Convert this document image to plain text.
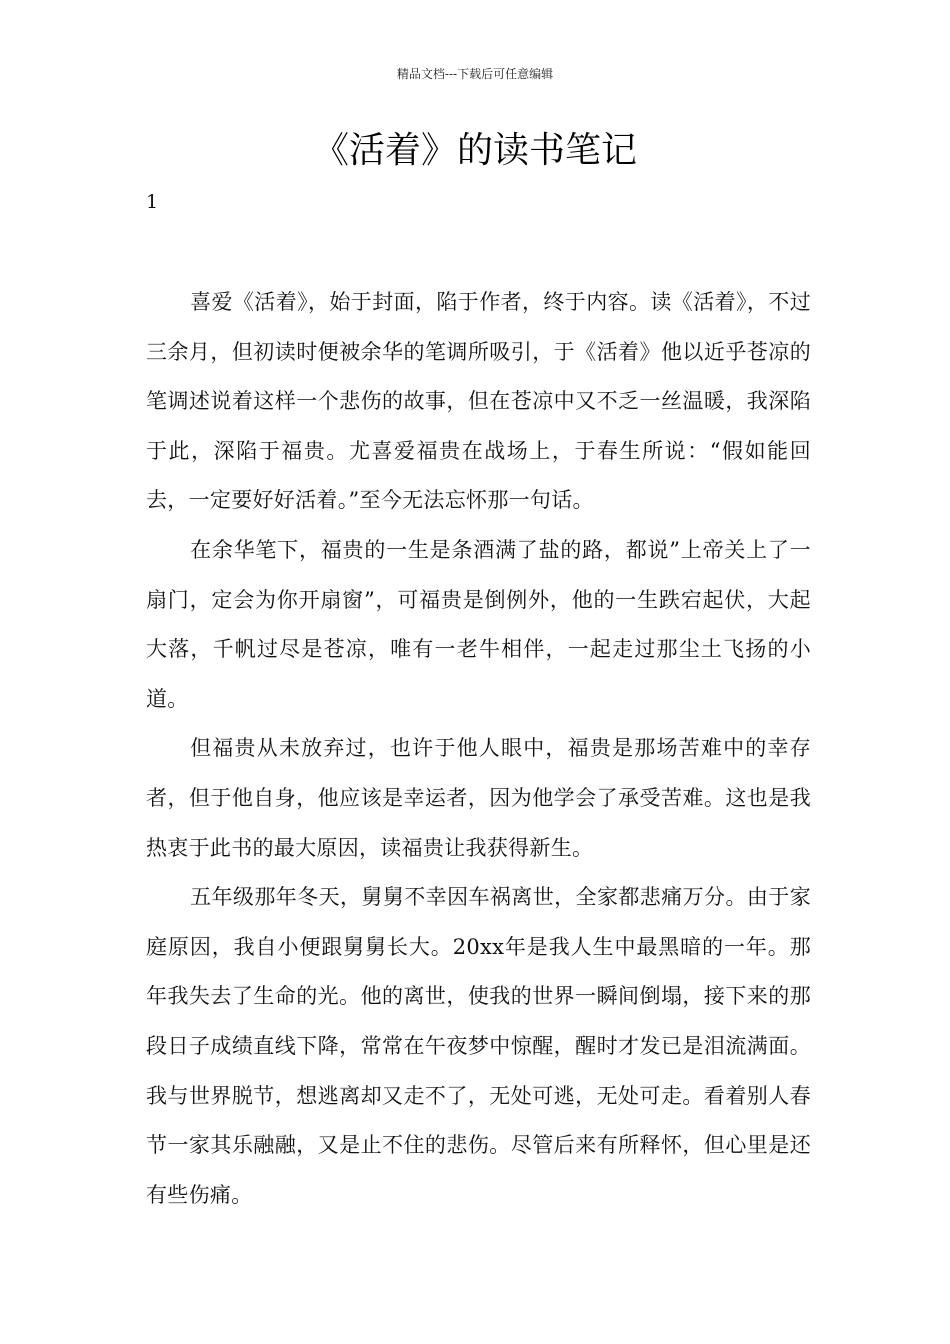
精品文档---下载后可任意编辑
《活着》的读书笔记
1

喜爱《活着》，始于封面，陷于作者，终于内容。读《活着》，不过三余月，但初读时便被余华的笔调所吸引，于《活着》他以近乎苍凉的笔调述说着这样一个悲伤的故事，但在苍凉中又不乏一丝温暖，我深陷于此，深陷于福贵。尤喜爱福贵在战场上，于春生所说：“假如能回去，一定要好好活着。”至今无法忘怀那一句话。

在余华笔下，福贵的一生是条酒满了盐的路，都说”上帝关上了一扇门，定会为你开扇窗”，可福贵是倒例外，他的一生跌宕起伏，大起大落，千帆过尽是苍凉，唯有一老牛相伴，一起走过那尘土飞扬的小道。

但福贵从未放弃过，也许于他人眼中，福贵是那场苦难中的幸存者，但于他自身，他应该是幸运者，因为他学会了承受苦难。这也是我热衷于此书的最大原因，读福贵让我获得新生。

五年级那年冬天，舅舅不幸因车祸离世，全家都悲痛万分。由于家庭原因，我自小便跟舅舅长大。20xx年是我人生中最黑暗的一年。那年我失去了生命的光。他的离世，使我的世界一瞬间倒塌，接下来的那段日子成绩直线下降，常常在午夜梦中惊醒，醒时才发已是泪流满面。我与世界脱节，想逃离却又走不了，无处可逃，无处可走。看着别人春节一家其乐融融，又是止不住的悲伤。尽管后来有所释怀，但心里是还有些伤痛。
